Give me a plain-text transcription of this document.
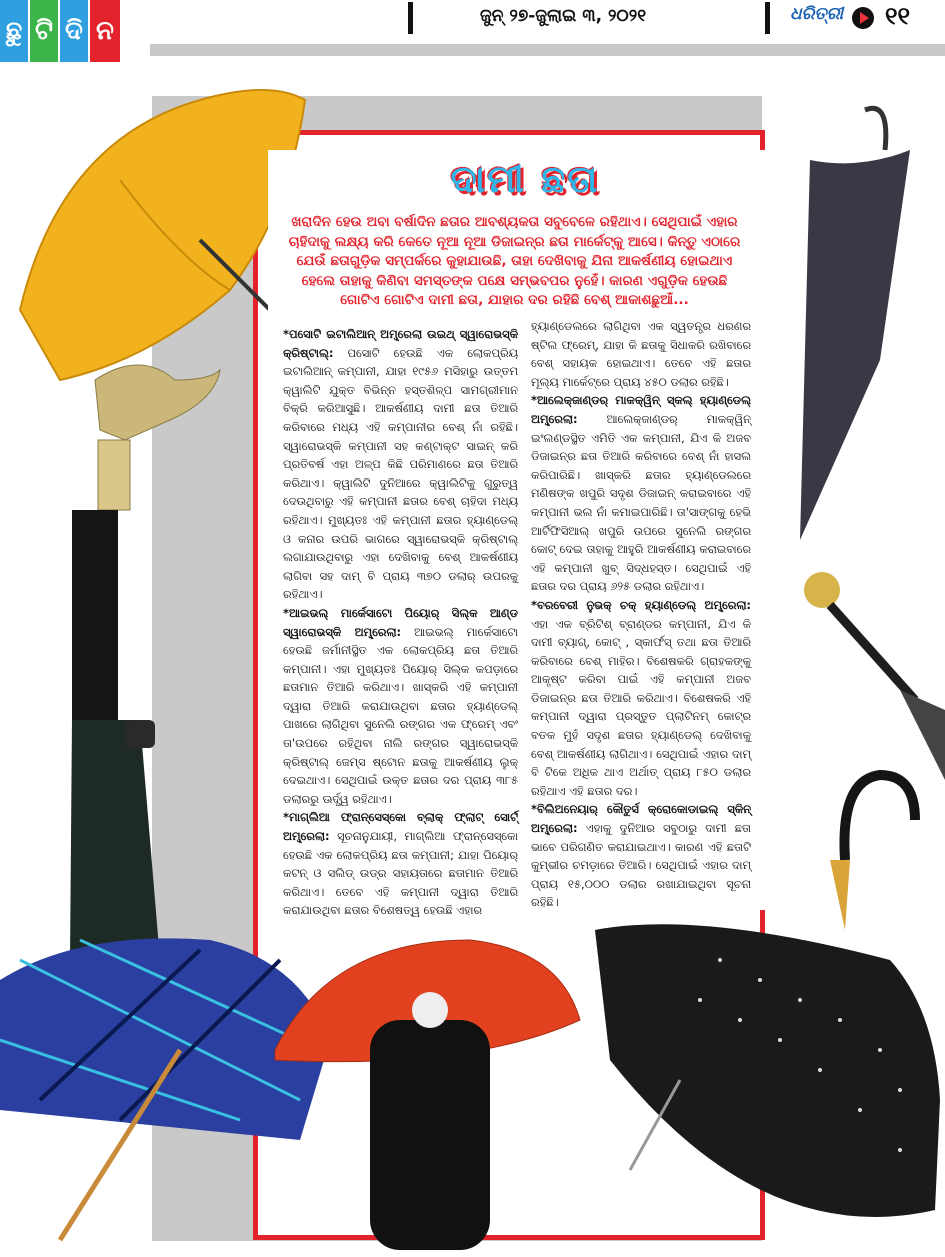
ଛୁ ଟି ଦି ନ	ଜୁନ୍ ୨୭-ଜୁଲାଇ ୩, ୨୦୨୧	ଧରିତ୍ରୀ ୧୧
ଦାମୀ ଛତା
ଖରାଦିନ ହେଉ ଅବା ବର୍ଷାଦିନ ଛତାର ଆବଶ୍ୟକତା ସବୁବେଳେ ରହିଥାଏ। ସେଥିପାଇଁ ଏହାର ଚାହିଦାକୁ ଲକ୍ଷ୍ୟ କରି କେତେ ନୂଆ ନୂଆ ଡିଜାଇନ୍‌ର ଛତା ମାର୍କେଟ୍‌କୁ ଆସେ। କିନ୍ତୁ ଏଠାରେ ଯେଉଁ ଛତାଗୁଡ଼ିକ ସମ୍ପର୍କରେ କୁହାଯାଉଛି, ତାହା ଦେଖିବାକୁ ଯିନା ଆକର୍ଷଣୀୟ ହୋଇଥାଏ ହେଲେ ତାହାକୁ କିଣିବା ସମସ୍ତଙ୍କ ପକ୍ଷେ ସମ୍ଭବପର ନୁହେଁ। କାରଣ ଏଗୁଡ଼ିକ ହେଉଛି ଗୋଟିଏ ଗୋଟିଏ ଦାମୀ ଛତା, ଯାହାର ଦର ରହିଛି ବେଶ୍ ଆକାଶଛୁଆଁ...

*ପସୋଟି ଇଟାଲିଆନ୍ ଅମ୍ବ୍ରେଲା ଉଇଥ୍ ସ୍ୱାରୋଭସ୍କି କ୍ରିଷ୍ଟାଲ୍: ପସୋଟି ହେଉଛି ଏକ ଲୋକପ୍ରିୟ ଇଟାଲିଆନ୍ କମ୍ପାନୀ, ଯାହା ୧୯୫୬ ମସିହାରୁ ଉତ୍ତମ କ୍ୱାଲିଟି ଯୁକ୍ତ ବିଭିନ୍ନ ହସ୍ତଶିଳ୍ପ ସାମଗ୍ରୀମାନ ବିକ୍ରି କରିଆସୁଛି। ଆକର୍ଷଣୀୟ ଦାମୀ ଛତା ତିଆରି କରିବାରେ ମଧ୍ୟ ଏହି କମ୍ପାନୀର ବେଶ୍ ନାଁ ରହିଛି। ସ୍ୱାରୋଭସ୍କି କମ୍ପାନୀ ସହ କଣ୍ଟାକ୍ଟ ସାଇନ୍ କରି ପ୍ରତିବର୍ଷ ଏହା ଅଳ୍ପ କିଛି ପରିମାଣରେ ଛତା ତିଆରି କରିଥାଏ। କ୍ୱାଲିଟି ଦୁନିଆରେ କ୍ୱାଲିଟିକୁ ଗୁରୁତ୍ୱ ଦେଉଥିବାରୁ ଏହି କମ୍ପାନୀ ଛତାର ବେଶ୍ ଚାହିଦା ମଧ୍ୟ ରହିଥାଏ। ମୁଖ୍ୟତଃ ଏହି କମ୍ପାନୀ ଛତାର ହ୍ୟାଣ୍ଡେଲ୍ ଓ କନାର ଉପରି ଭାଗରେ ସ୍ୱାରୋଭସ୍କି କ୍ରିଷ୍ଟାଲ୍ ଲଗାଯାଉଥିବାରୁ ଏହା ଦେଖିବାକୁ ବେଶ୍ ଆକର୍ଷଣୀୟ ଲାଗିବା ସହ ଦାମ୍ ବି ପ୍ରାୟ ୩୭୦ ଡଲାର୍ ଉପରକୁ ରହିଥାଏ।

*ଆଇଭଲ୍ ମାର୍କେସାଟୋ ପିୟୋର୍ ସିଲ୍କ ଆଣ୍ଡ ସ୍ୱାରୋଭସ୍କି ଅମ୍ବ୍ରେଲା: ଆଇଭଲ୍ ମାର୍କେସାଟୋ ହେଉଛି ଜର୍ମାନୀସ୍ଥିତ ଏକ ଲୋକପ୍ରିୟ ଛତା ତିଆରି କମ୍ପାନୀ। ଏହା ମୁଖ୍ୟତଃ ପିୟୋର୍ ସିଲ୍କ କପଡ଼ାରେ ଛତାମାନ ତିଆରି କରିଥାଏ। ଖାସ୍‌କରି ଏହି କମ୍ପାନୀ ଦ୍ୱାରା ତିଆରି କରାଯାଉଥିବା ଛତାର ହ୍ୟାଣ୍ଡେଲ୍ ପାଖରେ ଲାଗିଥିବା ସୁନେଲି ରଙ୍ଗର ଏକ ଫ୍ରେମ୍ ଏବଂ ତା'ଉପରେ ରହିଥିବା ନାଲି ରଙ୍ଗର ସ୍ୱାରୋଭସ୍କି କ୍ରିଷ୍ଟାଲ୍ ଜେମ୍ସ ଷ୍ଟୋନ ଛତାକୁ ଆକର୍ଷଣୀୟ ଲୁକ୍ ଦେଇଥାଏ। ସେଥିପାଇଁ ଉକ୍ତ ଛତାର ଦର ପ୍ରାୟ ୩୮୫ ଡଲାରରୁ ଊର୍ଦ୍ଧ୍ୱ ରହିଥାଏ।

*ମାଗ୍ଲିଆ ଫ୍ରାନ୍ସେସ୍କୋ ବ୍ଲାକ୍ ଫ୍ଲାଟ୍‌ ସୋର୍ଟ୍ ଅମ୍ବ୍ରେଲା: ସୂଚନାନୁଯାୟୀ, ମାଗ୍ଲିଆ ଫ୍ରାନ୍ସେସ୍କୋ ହେଉଛି ଏକ ଲୋକପ୍ରିୟ ଛତା କମ୍ପାନୀ; ଯାହା ପିୟୋର୍ କଟନ୍ ଓ ସଲିଡ୍ ଉଡ୍‌ର ସହାୟତାରେ ଛତାମାନ ତିଆରି କରିଥାଏ। ତେବେ ଏହି କମ୍ପାନୀ ଦ୍ୱାରା ତିଆରି କରାଯାଉଥିବା ଛତାର ବିଶେଷତ୍ୱ ହେଉଛି ଏହାର

ହ୍ୟାଣ୍ଡେଲରେ ଲାଗିଥିବା ଏକ ସ୍ୱତନ୍ତ୍ର ଧରଣର ଷ୍ଟିଲ ଫ୍ରେମ୍, ଯାହା କି ଛତାକୁ ସିଧାକରି ରଖିବାରେ ବେଶ୍ ସହାୟକ ହୋଇଥାଏ। ତେବେ ଏହି ଛତାର ମୂଲ୍ୟ ମାର୍କେଟ୍‌ରେ ପ୍ରାୟ ୪୫୦ ଡଲାର ରହିଛି।

*ଆଲେକ୍‌ଜାଣ୍ଡର୍ ମାକକ୍ୱିନ୍ ସ୍କଲ୍ ହ୍ୟାଣ୍ଡେଲ୍ ଅମ୍ବ୍ରେଲା: ଆଲେକ୍‌ଜାଣ୍ଡର୍ ମାକକ୍ୱିନ୍ ଇଂଲଣ୍ଡସ୍ଥିତ ଏମିତି ଏକ କମ୍ପାନୀ, ଯିଏ କି ଅଜବ ଡିଜାଇନ୍‌ର ଛତା ତିଆରି କରିବାରେ ବେଶ୍ ନାଁ ହାସଲ କରିପାରିଛି। ଖାସ୍‌କରି ଛତାର ହ୍ୟାଣ୍ଡେଲରେ ମଣିଷଙ୍କ ଖପୁରି ସଦୃଶ ଡିଜାଇନ୍ କରାଇବାରେ ଏହି କମ୍ପାନୀ ଭଲ ନାଁ କମାଇପାରିଛି। ତା'ସାଙ୍ଗକୁ ହେଭି ଆର୍ଟିଫିସିଆଲ୍ ଖପୁରି ଉପରେ ସୁନେଲି ରଙ୍ଗର କୋଟ୍ ଦେଇ ତାହାକୁ ଆହୁରି ଆକର୍ଷଣୀୟ କରାଇବାରେ ଏହି କମ୍ପାନୀ ଖୁବ୍ ସିଦ୍ଧହସ୍ତ। ସେଥିପାଇଁ ଏହି ଛତାର ଦର ପ୍ରାୟ ୬୨୫ ଡଲାର ରହିଥାଏ।

*ବରବେରୀ ନୁଭକ୍ ଚକ୍ ହ୍ୟାଣ୍ଡେଲ୍ ଅମ୍ବ୍ରେଲା: ଏହା ଏକ ବ୍ରିଟିଶ୍ ବ୍ରାଣ୍ଡର କମ୍ପାନୀ, ଯିଏ କି ଦାମୀ ବ୍ୟାଗ୍, କୋଟ୍ , ସ୍କାର୍ଫସ୍ ତଥା ଛତା ତିଆରି କରିବାରେ ବେଶ୍ ମାହିର। ବିଶେଷକରି ଗ୍ରାହକଙ୍କୁ ଆକୃଷ୍ଟ କରିବା ପାଇଁ ଏହି କମ୍ପାନୀ ଅଜବ ଡିଜାଇନ୍‌ର ଛତା ତିଆରି କରିଥାଏ। ବିଶେଷକରି ଏହି କମ୍ପାନୀ ଦ୍ୱାରା ପ୍ରସ୍ତୁତ ପ୍ଲାଟିନମ୍ କୋଟ୍‌ର ବତକ ମୁହଁ ସଦୃଶ ଛତାର ହ୍ୟାଣ୍ଡେଲ୍ ଦେଖିବାକୁ ବେଶ୍ ଆକର୍ଷଣୀୟ ଲାଗିଥାଏ। ସେଥିପାଇଁ ଏହାର ଦାମ୍ ବି ଟିକେ ଅଧିକ ଥାଏ ଅର୍ଥାତ୍ ପ୍ରାୟ ୮୫୦ ଡଲାର ରହିଥାଏ ଏହି ଛତାର ଦର।

*ବିଲିଅନେୟାର୍ କୌତୁର୍ସ କ୍ରୋକୋଡାଇଲ୍ ସ୍କିନ୍ ଅମ୍ବ୍ରେଲା: ଏହାକୁ ଦୁନିଆର ସବୁଠାରୁ ଦାମୀ ଛତା ଭାବେ ପରିଗଣିତ କରାଯାଇଥାଏ। କାରଣ ଏହି ଛତାଟି କୁମ୍ଭୀର ଚମଡ଼ାରେ ତିଆରି। ସେଥିପାଇଁ ଏହାର ଦାମ୍ ପ୍ରାୟ ୧୫,୦୦୦ ଡଲାର ରଖାଯାଇଥିବା ସୂଚନା ରହିଛି।
